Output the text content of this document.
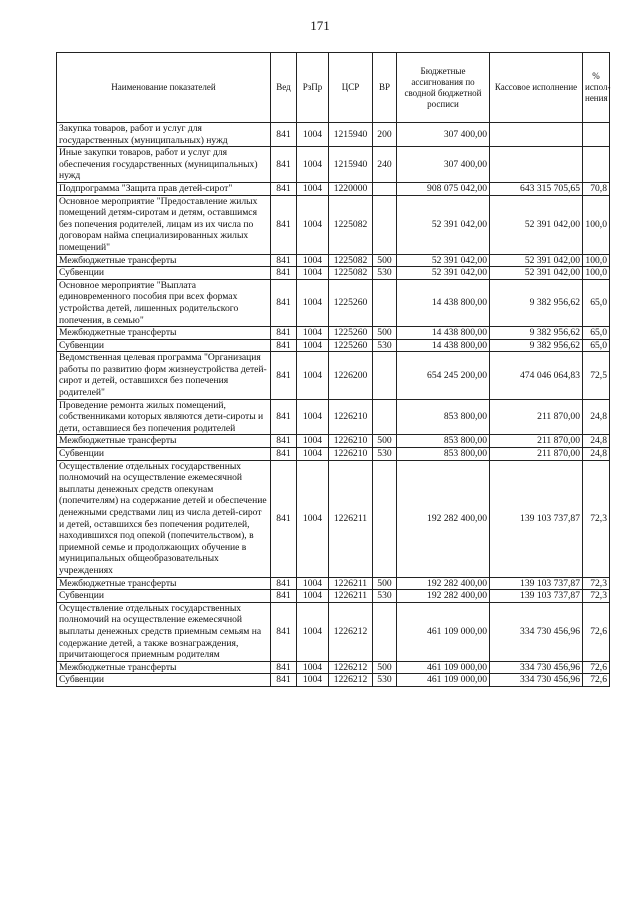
171
Наименование показателей	Вед	РзПр	ЦСР	ВР	Бюджетные ассигнования по сводной бюджетной росписи	Кассовое исполнение	% испол-нения
Закупка товаров, работ и услуг для государственных (муниципальных) нужд	841	1004	1215940	200	307 400,00		
Иные закупки товаров, работ и услуг для обеспечения государственных (муниципальных) нужд	841	1004	1215940	240	307 400,00		
Подпрограмма "Защита прав детей-сирот"	841	1004	1220000		908 075 042,00	643 315 705,65	70,8
Основное мероприятие "Предоставление жилых помещений детям-сиротам и детям, оставшимся без попечения родителей, лицам из их числа по договорам найма специализированных жилых помещений"	841	1004	1225082		52 391 042,00	52 391 042,00	100,0
Межбюджетные трансферты	841	1004	1225082	500	52 391 042,00	52 391 042,00	100,0
Субвенции	841	1004	1225082	530	52 391 042,00	52 391 042,00	100,0
Основное мероприятие "Выплата единовременного пособия при всех формах устройства детей, лишенных родительского попечения, в семью"	841	1004	1225260		14 438 800,00	9 382 956,62	65,0
Межбюджетные трансферты	841	1004	1225260	500	14 438 800,00	9 382 956,62	65,0
Субвенции	841	1004	1225260	530	14 438 800,00	9 382 956,62	65,0
Ведомственная целевая программа "Организация работы по развитию форм жизнеустройства детей-сирот и детей, оставшихся без попечения родителей"	841	1004	1226200		654 245 200,00	474 046 064,83	72,5
Проведение ремонта жилых помещений, собственниками которых являются дети-сироты и дети, оставшиеся без попечения родителей	841	1004	1226210		853 800,00	211 870,00	24,8
Межбюджетные трансферты	841	1004	1226210	500	853 800,00	211 870,00	24,8
Субвенции	841	1004	1226210	530	853 800,00	211 870,00	24,8
Осуществление отдельных государственных полномочий на осуществление ежемесячной выплаты денежных средств опекунам (попечителям) на содержание детей и обеспечение денежными средствами лиц из числа детей-сирот и детей, оставшихся без попечения родителей, находившихся под опекой (попечительством), в приемной семье и продолжающих обучение в муниципальных общеобразовательных учреждениях	841	1004	1226211		192 282 400,00	139 103 737,87	72,3
Межбюджетные трансферты	841	1004	1226211	500	192 282 400,00	139 103 737,87	72,3
Субвенции	841	1004	1226211	530	192 282 400,00	139 103 737,87	72,3
Осуществление отдельных государственных полномочий на осуществление ежемесячной выплаты денежных средств приемным семьям на содержание детей, а также вознаграждения, причитающегося приемным родителям	841	1004	1226212		461 109 000,00	334 730 456,96	72,6
Межбюджетные трансферты	841	1004	1226212	500	461 109 000,00	334 730 456,96	72,6
Субвенции	841	1004	1226212	530	461 109 000,00	334 730 456,96	72,6
